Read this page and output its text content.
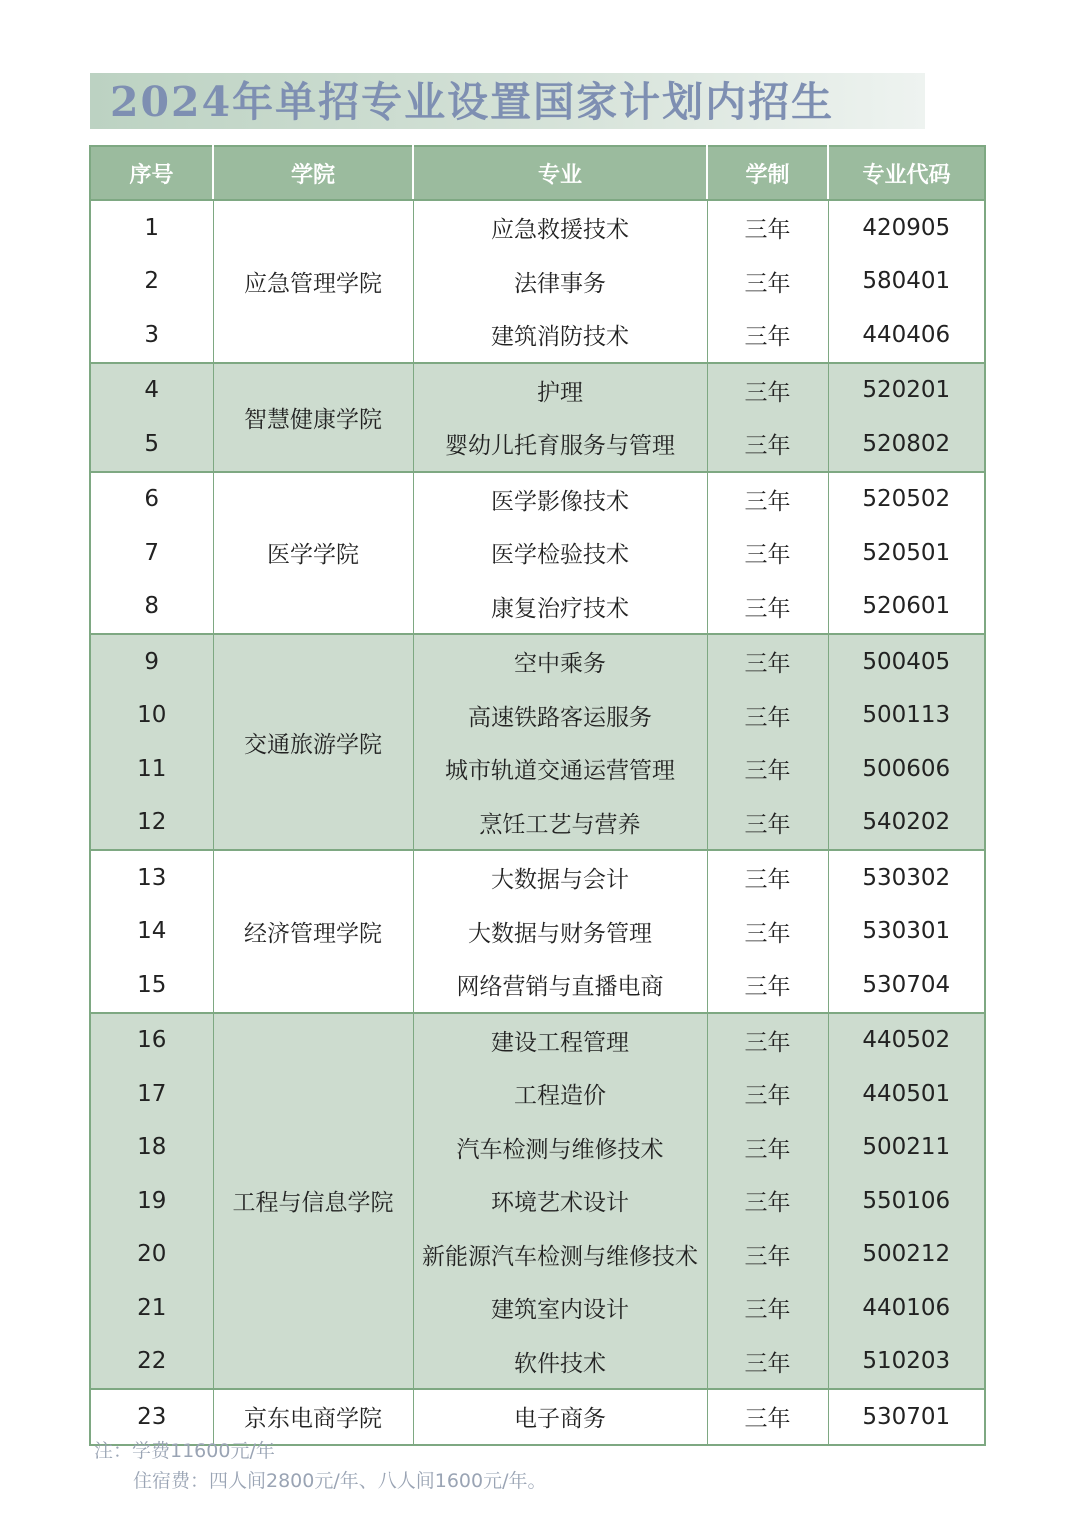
2024年单招专业设置国家计划内招生
序号	学院	专业	学制	专业代码
1	应急管理学院	应急救援技术	三年	420905
2		法律事务	三年	580401
3		建筑消防技术	三年	440406
4	智慧健康学院	护理	三年	520201
5		婴幼儿托育服务与管理	三年	520802
6	医学学院	医学影像技术	三年	520502
7		医学检验技术	三年	520501
8		康复治疗技术	三年	520601
9	交通旅游学院	空中乘务	三年	500405
10		高速铁路客运服务	三年	500113
11		城市轨道交通运营管理	三年	500606
12		烹饪工艺与营养	三年	540202
13	经济管理学院	大数据与会计	三年	530302
14		大数据与财务管理	三年	530301
15		网络营销与直播电商	三年	530704
16	工程与信息学院	建设工程管理	三年	440502
17		工程造价	三年	440501
18		汽车检测与维修技术	三年	500211
19		环境艺术设计	三年	550106
20		新能源汽车检测与维修技术	三年	500212
21		建筑室内设计	三年	440106
22		软件技术	三年	510203
23	京东电商学院	电子商务	三年	530701
注：学费11600元/年
住宿费：四人间2800元/年、八人间1600元/年。
